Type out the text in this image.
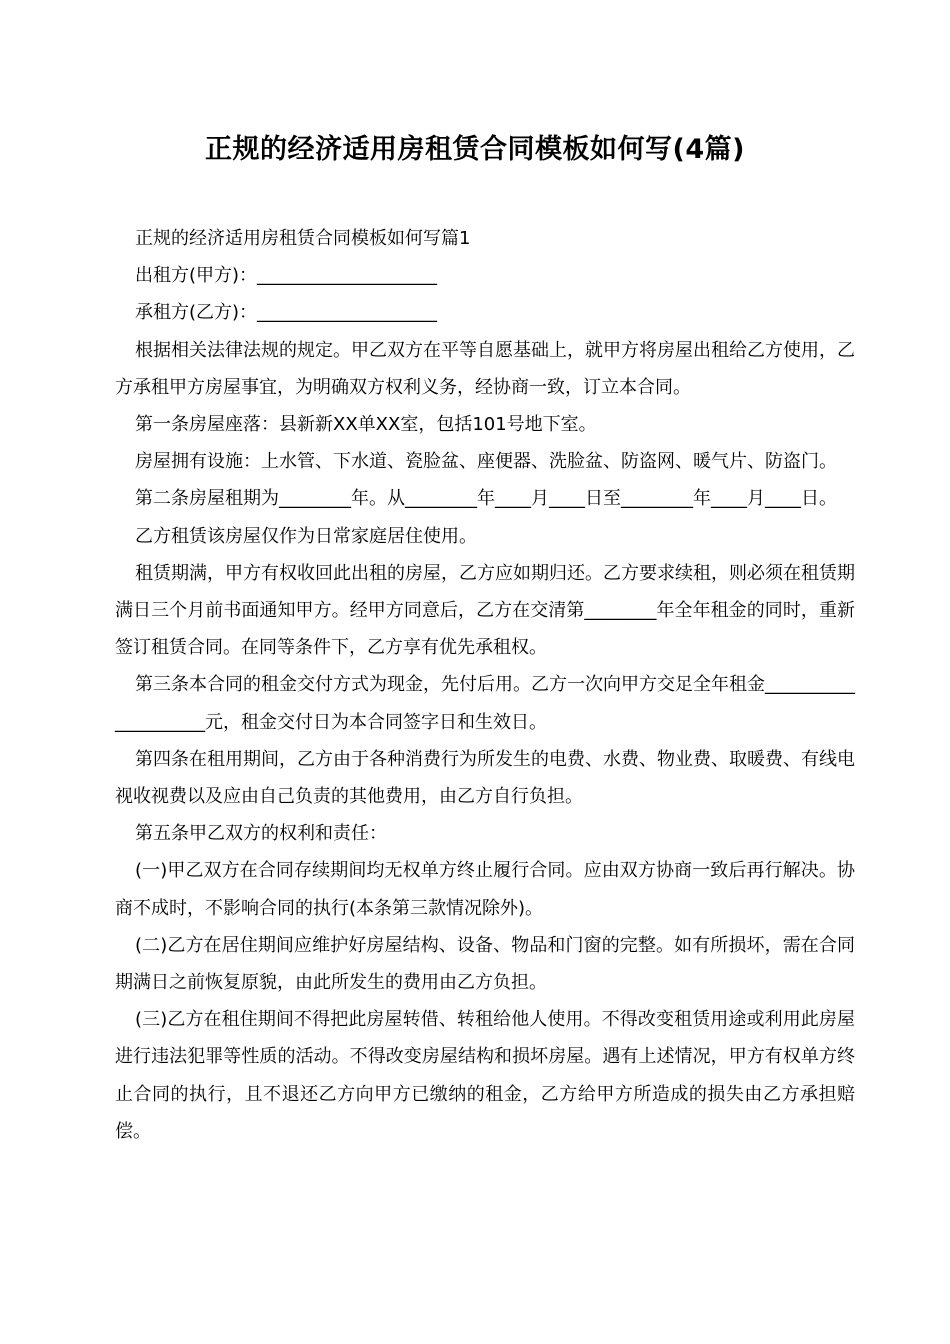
正规的经济适用房租赁合同模板如何写(4篇)

正规的经济适用房租赁合同模板如何写篇1

出租方(甲方)：____________________

承租方(乙方)：____________________

根据相关法律法规的规定。甲乙双方在平等自愿基础上，就甲方将房屋出租给乙方使用，乙方承租甲方房屋事宜，为明确双方权利义务，经协商一致，订立本合同。

第一条房屋座落：县新新XX单XX室，包括101号地下室。

房屋拥有设施：上水管、下水道、瓷脸盆、座便器、洗脸盆、防盗网、暖气片、防盗门。

第二条房屋租期为________年。从________年____月____日至________年____月____日。

乙方租赁该房屋仅作为日常家庭居住使用。

租赁期满，甲方有权收回此出租的房屋，乙方应如期归还。乙方要求续租，则必须在租赁期满日三个月前书面通知甲方。经甲方同意后，乙方在交清第________年全年租金的同时，重新签订租赁合同。在同等条件下，乙方享有优先承租权。

第三条本合同的租金交付方式为现金，先付后用。乙方一次向甲方交足全年租金____________________元，租金交付日为本合同签字日和生效日。

第四条在租用期间，乙方由于各种消费行为所发生的电费、水费、物业费、取暖费、有线电视收视费以及应由自己负责的其他费用，由乙方自行负担。

第五条甲乙双方的权利和责任：

(一)甲乙双方在合同存续期间均无权单方终止履行合同。应由双方协商一致后再行解决。协商不成时，不影响合同的执行(本条第三款情况除外)。

(二)乙方在居住期间应维护好房屋结构、设备、物品和门窗的完整。如有所损坏，需在合同期满日之前恢复原貌，由此所发生的费用由乙方负担。

(三)乙方在租住期间不得把此房屋转借、转租给他人使用。不得改变租赁用途或利用此房屋进行违法犯罪等性质的活动。不得改变房屋结构和损坏房屋。遇有上述情况，甲方有权单方终止合同的执行，且不退还乙方向甲方已缴纳的租金，乙方给甲方所造成的损失由乙方承担赔偿。
